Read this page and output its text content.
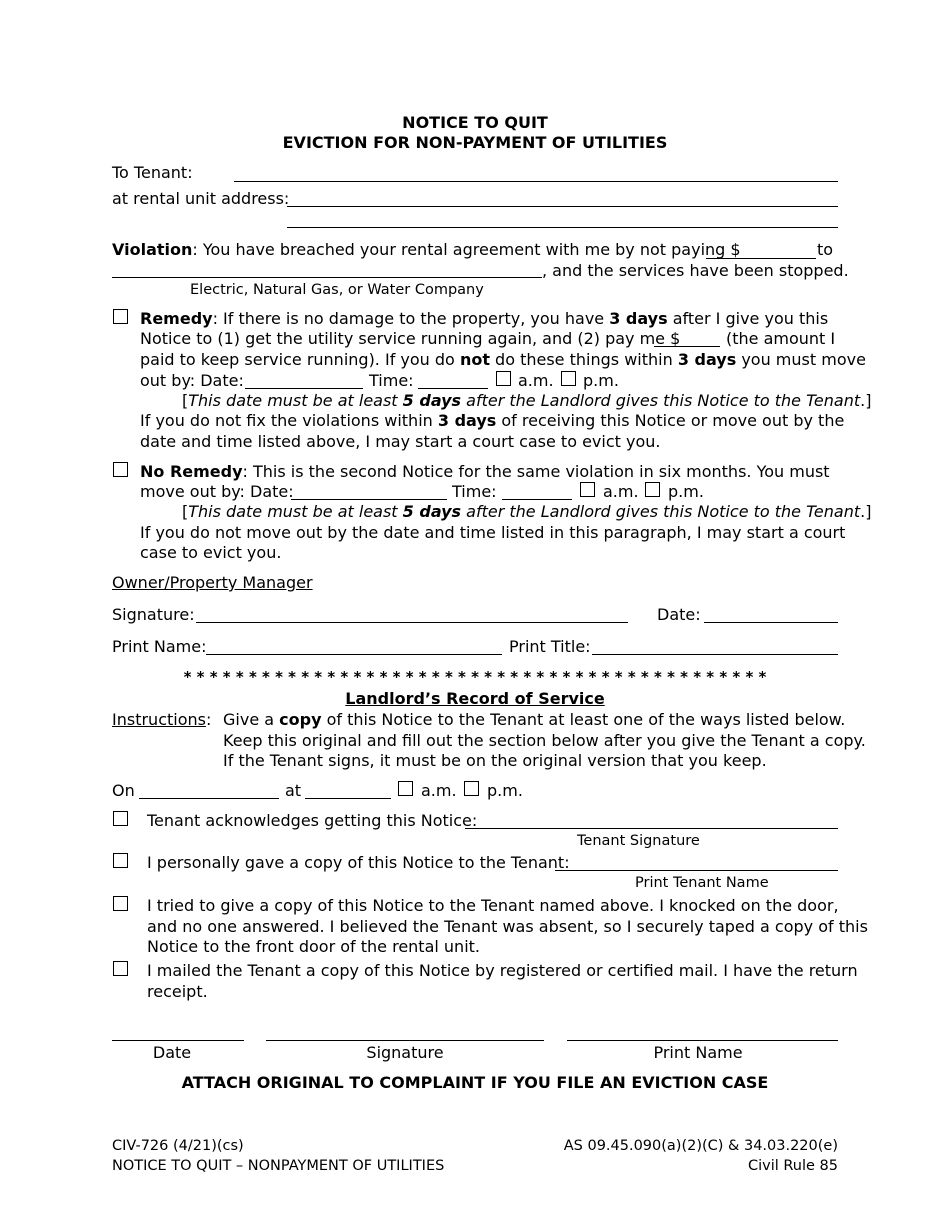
NOTICE TO QUIT
EVICTION FOR NON-PAYMENT OF UTILITIES
To Tenant:
at rental unit address:
Violation: You have breached your rental agreement with me by not paying $	to
, and the services have been stopped.
Electric, Natural Gas, or Water Company
Remedy: If there is no damage to the property, you have 3 days after I give you this
Notice to (1) get the utility service running again, and (2) pay me $	(the amount I
paid to keep service running). If you do not do these things within 3 days you must move
out by: Date:	Time:	a.m. p.m.
[This date must be at least 5 days after the Landlord gives this Notice to the Tenant.]
If you do not fix the violations within 3 days of receiving this Notice or move out by the
date and time listed above, I may start a court case to evict you.
No Remedy: This is the second Notice for the same violation in six months. You must
move out by: Date:	Time:	a.m. p.m.
[This date must be at least 5 days after the Landlord gives this Notice to the Tenant.]
If you do not move out by the date and time listed in this paragraph, I may start a court
case to evict you.
Owner/Property Manager
Signature:	Date:
Print Name:	Print Title:
* * * * * * * * * * * * * * * * * * * * * * * * * * * * * * * * * * * * * * * * * * * * *
Landlord’s Record of Service
Instructions: Give a copy of this Notice to the Tenant at least one of the ways listed below.
Keep this original and fill out the section below after you give the Tenant a copy.
If the Tenant signs, it must be on the original version that you keep.
On	at	a.m. p.m.
Tenant acknowledges getting this Notice:
Tenant Signature
I personally gave a copy of this Notice to the Tenant:
Print Tenant Name
I tried to give a copy of this Notice to the Tenant named above. I knocked on the door,
and no one answered. I believed the Tenant was absent, so I securely taped a copy of this
Notice to the front door of the rental unit.
I mailed the Tenant a copy of this Notice by registered or certified mail. I have the return
receipt.
Date	Signature	Print Name
ATTACH ORIGINAL TO COMPLAINT IF YOU FILE AN EVICTION CASE
CIV-726 (4/21)(cs)
NOTICE TO QUIT – NONPAYMENT OF UTILITIES
AS 09.45.090(a)(2)(C) & 34.03.220(e)
Civil Rule 85
